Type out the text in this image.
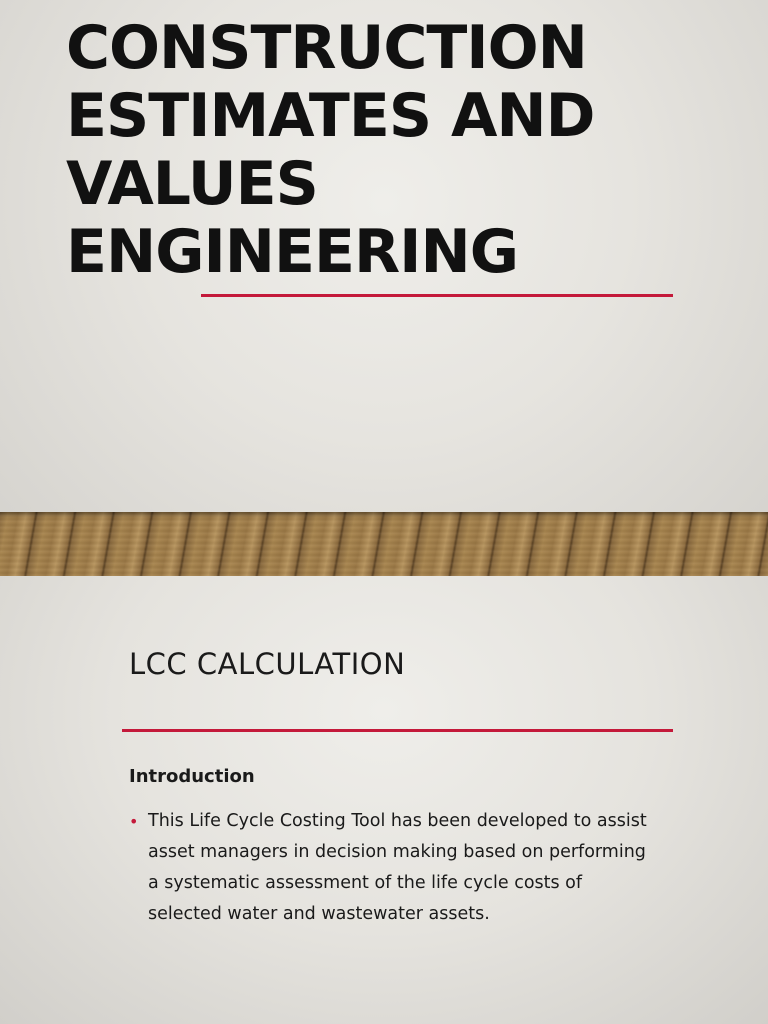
CONSTRUCTION ESTIMATES AND VALUES ENGINEERING
LCC CALCULATION
Introduction
• This Life Cycle Costing Tool has been developed to assist asset managers in decision making based on performing a systematic assessment of the life cycle costs of selected water and wastewater assets.
